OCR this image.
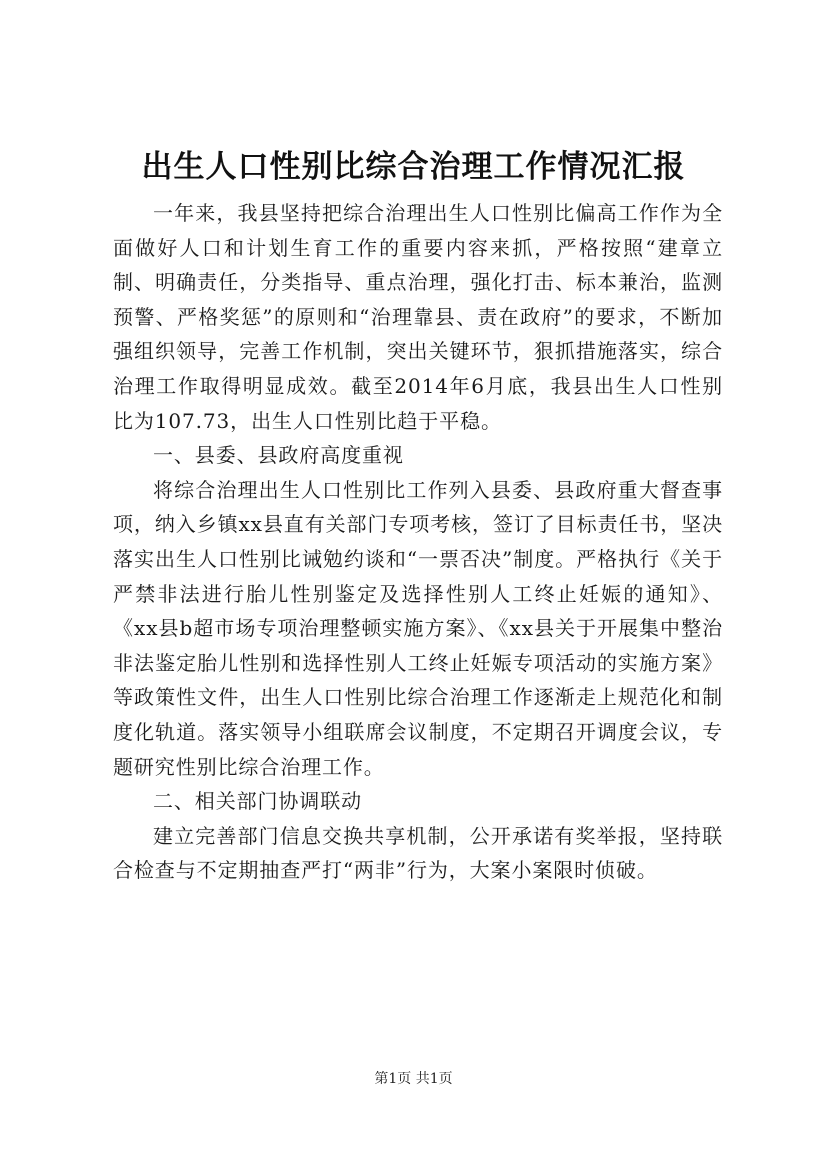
出生人口性别比综合治理工作情况汇报

一年来，我县坚持把综合治理出生人口性别比偏高工作作为全面做好人口和计划生育工作的重要内容来抓，严格按照“建章立制、明确责任，分类指导、重点治理，强化打击、标本兼治，监测预警、严格奖惩”的原则和“治理靠县、责在政府”的要求，不断加强组织领导，完善工作机制，突出关键环节，狠抓措施落实，综合治理工作取得明显成效。截至2014年6月底，我县出生人口性别比为107.73，出生人口性别比趋于平稳。

一、县委、县政府高度重视

将综合治理出生人口性别比工作列入县委、县政府重大督查事项，纳入乡镇xx县直有关部门专项考核，签订了目标责任书，坚决落实出生人口性别比诫勉约谈和“一票否决”制度。严格执行《关于严禁非法进行胎儿性别鉴定及选择性别人工终止妊娠的通知》、《xx县b超市场专项治理整顿实施方案》、《xx县关于开展集中整治非法鉴定胎儿性别和选择性别人工终止妊娠专项活动的实施方案》等政策性文件，出生人口性别比综合治理工作逐渐走上规范化和制度化轨道。落实领导小组联席会议制度，不定期召开调度会议，专题研究性别比综合治理工作。

二、相关部门协调联动

建立完善部门信息交换共享机制，公开承诺有奖举报，坚持联合检查与不定期抽查严打“两非”行为，大案小案限时侦破。

第1页 共1页
